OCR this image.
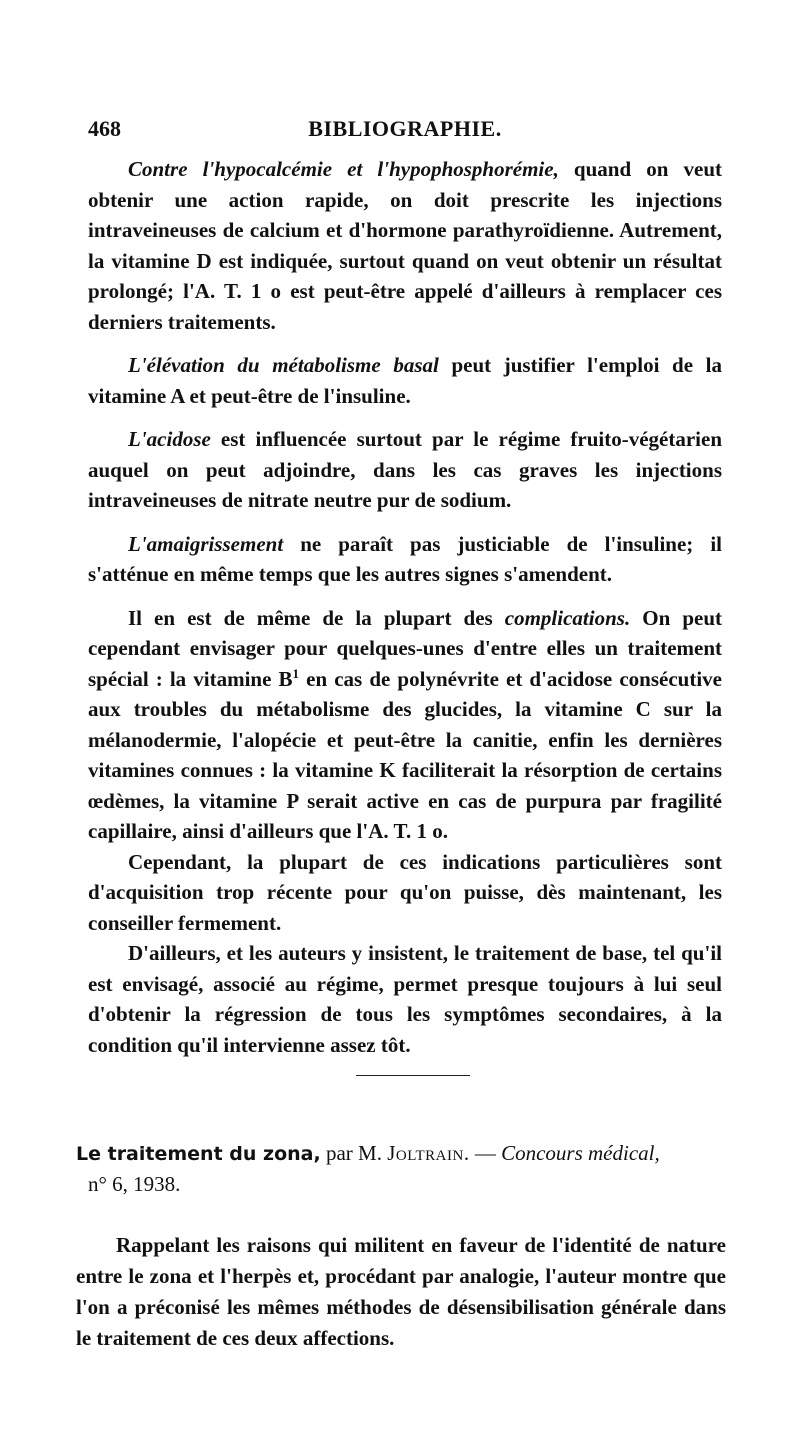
468	BIBLIOGRAPHIE.

Contre l'hypocalcémie et l'hypophosphorémie, quand on veut obtenir une action rapide, on doit prescrite les injections intraveineuses de calcium et d'hormone parathyroïdienne. Autrement, la vitamine D est indiquée, surtout quand on veut obtenir un résultat prolongé; l'A. T. 1 o est peut-être appelé d'ailleurs à remplacer ces derniers traitements.

L'élévation du métabolisme basal peut justifier l'emploi de la vitamine A et peut-être de l'insuline.

L'acidose est influencée surtout par le régime fruito-végétarien auquel on peut adjoindre, dans les cas graves les injections intraveineuses de nitrate neutre pur de sodium.

L'amaigrissement ne paraît pas justiciable de l'insuline; il s'atténue en même temps que les autres signes s'amendent.

Il en est de même de la plupart des complications. On peut cependant envisager pour quelques-unes d'entre elles un traitement spécial : la vitamine $B^1$ en cas de polynévrite et d'acidose consécutive aux troubles du métabolisme des glucides, la vitamine C sur la mélanodermie, l'alopécie et peut-être la canitie, enfin les dernières vitamines connues : la vitamine K faciliterait la résorption de certains œdèmes, la vitamine P serait active en cas de purpura par fragilité capillaire, ainsi d'ailleurs que l'A. T. 1 o.

Cependant, la plupart de ces indications particulières sont d'acquisition trop récente pour qu'on puisse, dès maintenant, les conseiller fermement.

D'ailleurs, et les auteurs y insistent, le traitement de base, tel qu'il est envisagé, associé au régime, permet presque toujours à lui seul d'obtenir la régression de tous les symptômes secondaires, à la condition qu'il intervienne assez tôt.

Le traitement du zona, par M. Joltrain. — Concours médical,
n° 6, 1938.

Rappelant les raisons qui militent en faveur de l'identité de nature entre le zona et l'herpès et, procédant par analogie, l'auteur montre que l'on a préconisé les mêmes méthodes de désensibilisation générale dans le traitement de ces deux affections.
